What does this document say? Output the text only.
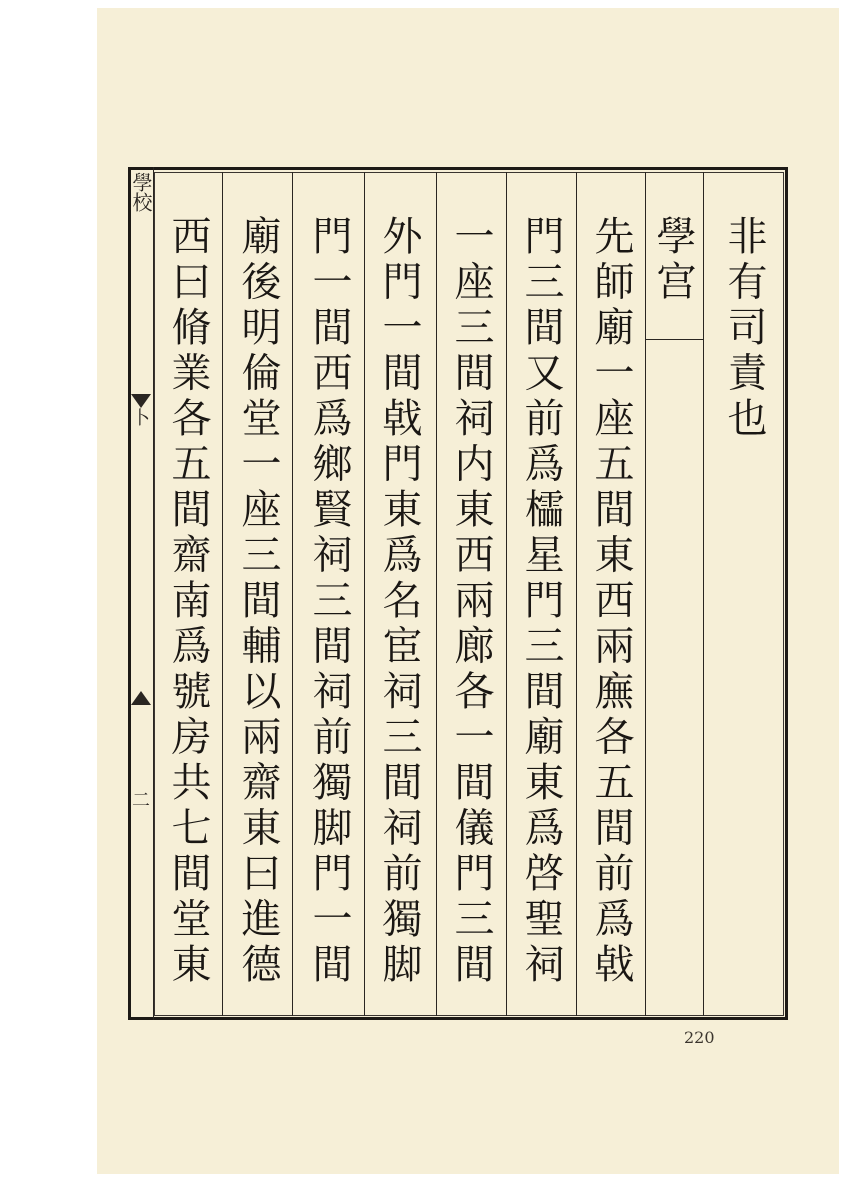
學校
卜
二
非有司責也
學宫
先師廟一座五間東西兩廡各五間前爲㦸
門三間又前爲櫺星門三間廟東爲啓聖祠
一座三間祠内東西兩廊各一間儀門三間
外門一間㦸門東爲名宦祠三間祠前獨脚
門一間西爲鄉賢祠三間祠前獨脚門一間
廟後明倫堂一座三間輔以兩齋東曰進德
西曰脩業各五間齋南爲號房共七間堂東
220
